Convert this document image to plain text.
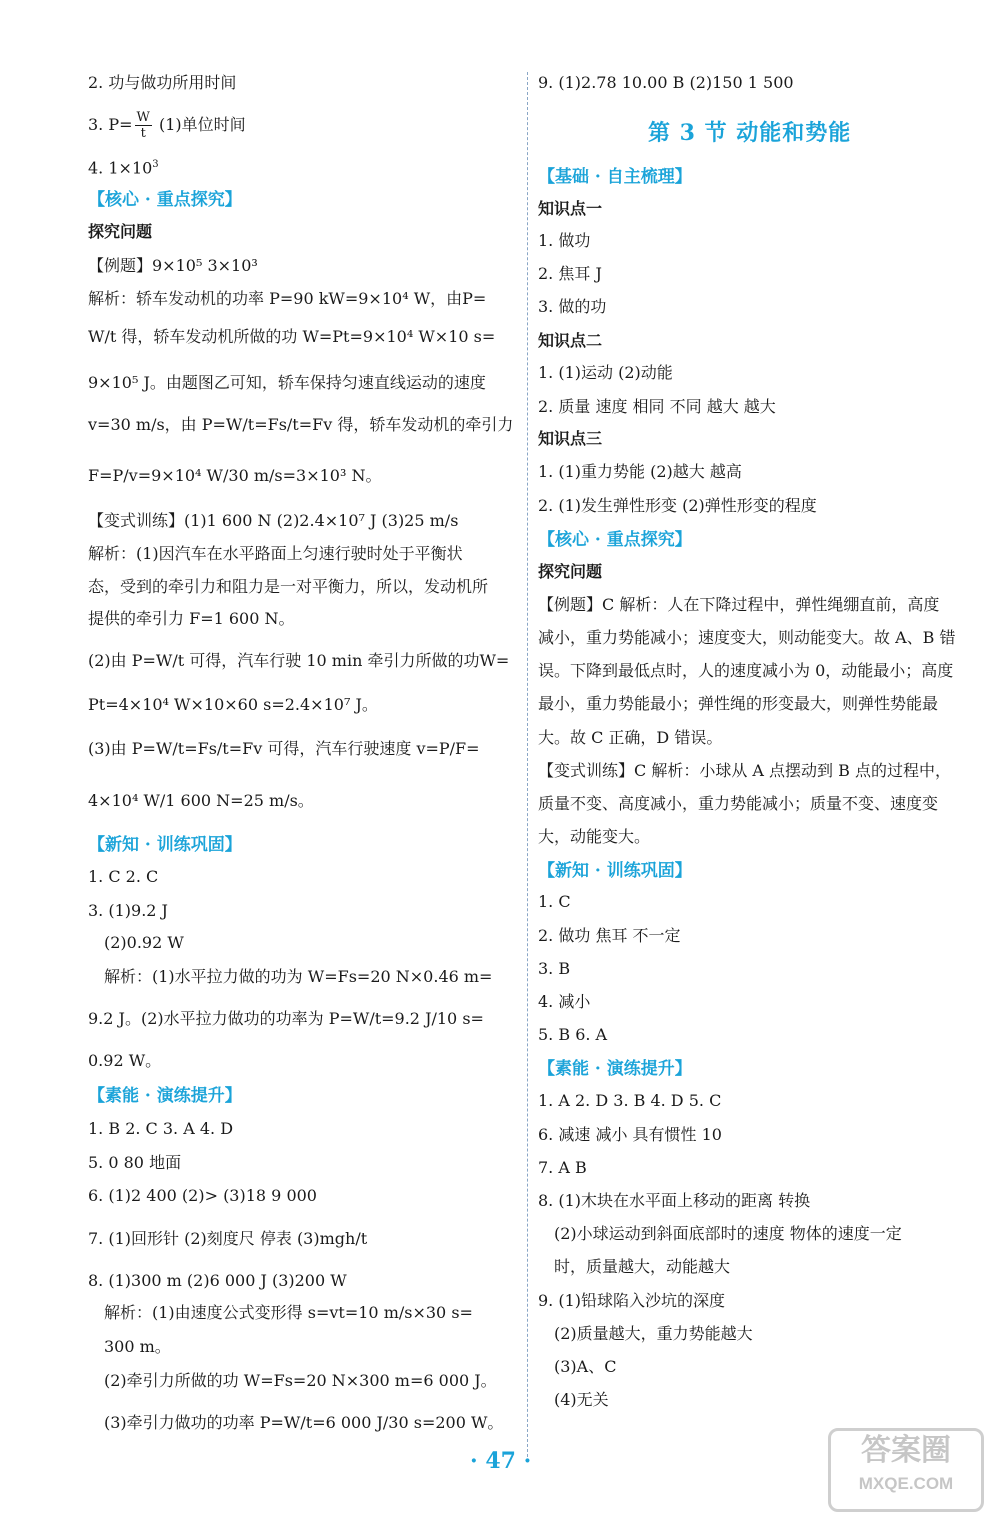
2. 功与做功所用时间
3. $P= \frac{W}{t} (1)$单位时间
4. $1\times 10^3$
【核心 · 重点探究】
探究问题
【例题】9×10⁵ 3×10³
解析：轿车发动机的功率 P=90 kW=9×10⁴ W，由P=
W/t 得，轿车发动机所做的功 W=Pt=9×10⁴ W×10 s=
9×10⁵ J。由题图乙可知，轿车保持匀速直线运动的速度
v=30 m/s，由 P=W/t=Fs/t=Fv 得，轿车发动机的牵引力
F=P/v=9×10⁴ W/30 m/s=3×10³ N。
【变式训练】(1)1 600 N (2)2.4×10⁷ J (3)25 m/s
解析：(1)因汽车在水平路面上匀速行驶时处于平衡状
态，受到的牵引力和阻力是一对平衡力，所以，发动机所
提供的牵引力 F=1 600 N。
(2)由 P=W/t 可得，汽车行驶 10 min 牵引力所做的功W=
Pt=4×10⁴ W×10×60 s=2.4×10⁷ J。
(3)由 P=W/t=Fs/t=Fv 可得，汽车行驶速度 v=P/F=
4×10⁴ W/1 600 N=25 m/s。
【新知 · 训练巩固】
1. C 2. C
3. (1)9.2 J
(2)0.92 W
解析：(1)水平拉力做的功为 W=Fs=20 N×0.46 m=
9.2 J。(2)水平拉力做功的功率为 P=W/t=9.2 J/10 s=
0.92 W。
【素能 · 演练提升】
1. B 2. C 3. A 4. D
5. 0 80 地面
6. (1)2 400 (2)> (3)18 9 000
7. (1)回形针 (2)刻度尺 停表 (3)mgh/t
8. (1)300 m (2)6 000 J (3)200 W
解析：(1)由速度公式变形得 s=vt=10 m/s×30 s=
300 m。
(2)牵引力所做的功 W=Fs=20 N×300 m=6 000 J。
(3)牵引力做功的功率 P=W/t=6 000 J/30 s=200 W。
9. (1)2.78 10.00 B (2)150 1 500
第 3 节 动能和势能
【基础 · 自主梳理】
知识点一
1. 做功
2. 焦耳 J
3. 做的功
知识点二
1. (1)运动 (2)动能
2. 质量 速度 相同 不同 越大 越大
知识点三
1. (1)重力势能 (2)越大 越高
2. (1)发生弹性形变 (2)弹性形变的程度
【核心 · 重点探究】
探究问题
【例题】C 解析：人在下降过程中，弹性绳绷直前，高度
减小，重力势能减小；速度变大，则动能变大。故 A、B 错
误。下降到最低点时，人的速度减小为 0，动能最小；高度
最小，重力势能最小；弹性绳的形变最大，则弹性势能最
大。故 C 正确，D 错误。
【变式训练】C 解析：小球从 A 点摆动到 B 点的过程中，
质量不变、高度减小，重力势能减小；质量不变、速度变
大，动能变大。
【新知 · 训练巩固】
1. C
2. 做功 焦耳 不一定
3. B
4. 减小
5. B 6. A
【素能 · 演练提升】
1. A 2. D 3. B 4. D 5. C
6. 减速 减小 具有惯性 10
7. A B
8. (1)木块在水平面上移动的距离 转换
(2)小球运动到斜面底部时的速度 物体的速度一定
时，质量越大，动能越大
9. (1)铅球陷入沙坑的深度
(2)质量越大，重力势能越大
(3)A、C
(4)无关
· 47 ·	答案圈
MXQE.COM
